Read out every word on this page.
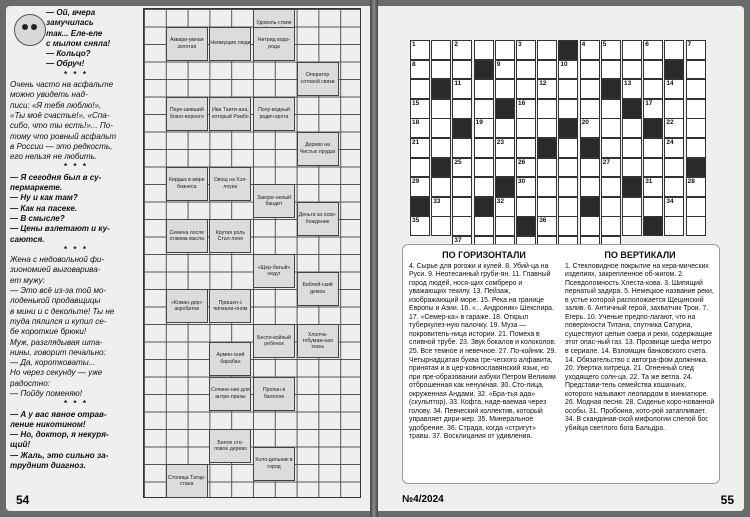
— Ой, вчера
замучилась
так... Еле-еле
с мылом сняла!
— Кольцо?
— Обруч!
* * *
Очень часто на асфальте
можно увидеть над-
писи: «Я тебя люблю!»,
«Ты моё счастье!», «Спа-
сибо, что ты есть!»... По-
тому что ровный асфальт
в России — это редкость,
его нельзя не любить.
* * *
— Я сегодня был в су-
пермаркете.
— Ну и как там?
— Как на пасеке.
— В смысле?
— Цены взлетают и ку-
саются.
* * *
Жена с недовольной фи-
зиономией выговарива-
ет мужу:
— Это всё из-за той мо-
лоденькой продавщицы
в мини и с декольте! Ты не
туда пялился и купил се-
бе короткие брюки!
Муж, разглядывая шта-
нины, говорит печально:
— Да, коротковаты...
Но через секунду — уже
радостно:
— Пойду поменяю!
* * *
— А у вас явное отрав-
ление никотином!
— Но, доктор, я некуря-
щий!
— Жаль, это сильно за-
труднит диагноз.
Удоволь-ствие
Аквари-умная золотая
Неимущие люди
Нитрид водо-рода
Оператор сотовой связи
Пере-шивший благо-верного
Ива Таити-ана, который Рэмбо
Полу-водный родич крота
Дерево на Чистых прудах
Кирдык в мире бизнеса
Овощ на Хэл-лоуин
Закоре-нелый бандит
Деньги за осво-бождение
Семена после отжима масла
Крутая роль Стал-лоне
«Щер-батый» недуг
Библей-ский демон
«Коман-дир» акробатов
Пришел с пигмали-оном
Беспо-койный ребенок
Хлопча-тобумаж-ная ткань
Армян-ский барабан
Сочине-ние для антре-призы
Пропан в баллоне
Белое сто-ловое дерево
Коло-дильник в город
Столица Татар-стана
54
1	2	3	4	5	6	7
8	9	10
11	12	13	14
15	16	17
18	19	20	22
21	23	24
25	26	27
29	30	31	28
33	32	34
35	36
37
ПО ГОРИЗОНТАЛИ
4. Сырье для рогожи и кулей. 8. Убий-ца на Руси. 9. Неотесанный груби-ян. 11. Главный город людей, нося-щих сомбреро и уважающих текилу. 13. Пейзаж, изображающий море. 15. Река на границе Европы и Азии. 16. «... Андроник» Шекспира. 17. «Семер-ка» в гараже. 18. Открыл туберкулез-ную палочку. 19. Муза — покровитель-ница истории. 21. Помеха в сливной трубе. 23. Звук бокалов и колоколов. 25. Все темное и невечное. 27. По-койник. 29. Четырнадцатая буква гре-ческого алфавита, принятая и в цер-ковнославянский язык, но при пре-образовании азбуки Петром Великим отброшенная как ненужная. 30. Сто-лица, окруженная Андами. 32. «Бра-тья ада» (скульптор). 33. Кофта, наде-ваемая через голову. 34. Певческий коллектив, который управляет дири-жер. 35. Минеральное удобрение. 36. Страда, когда «стригут» травы. 37. Восклицания от удивления.
ПО ВЕРТИКАЛИ
1. Стекловидное покрытие на кера-мических изделиях, закрепленное об-жигом. 2. Псевдоломность Хлеста-кова. 3. Шипящий пернатый задира. 5. Немецкое название реки, в устье которой расположается Щецинский залив. 6. Античный герой, захватчик Трои. 7. Егерь. 10. Ученые предпо-лагают, что на поверхности Титана, спутника Сатурна, существуют целые озера и реки, содержащие этот опас-ный газ. 13. Прозвище шефа метро в сериале. 14. Взломщик банковского счета. 14. Обязательство с автогра-фом должника. 20. Увертка хитреца. 21. Огненный след уходящего солн-ца. 22. Та же ветла. 24. Представи-тель семейства кошачьих, которого называют леопардом в миниатюре. 26. Модная песня. 28. Сиденье коро-нованной особы. 31. Пробоина, кото-рой затапливает. 34. В скандинав-ской мифологии слепой бог, убийца светлого бога Бальдра.
№4/2024	55
